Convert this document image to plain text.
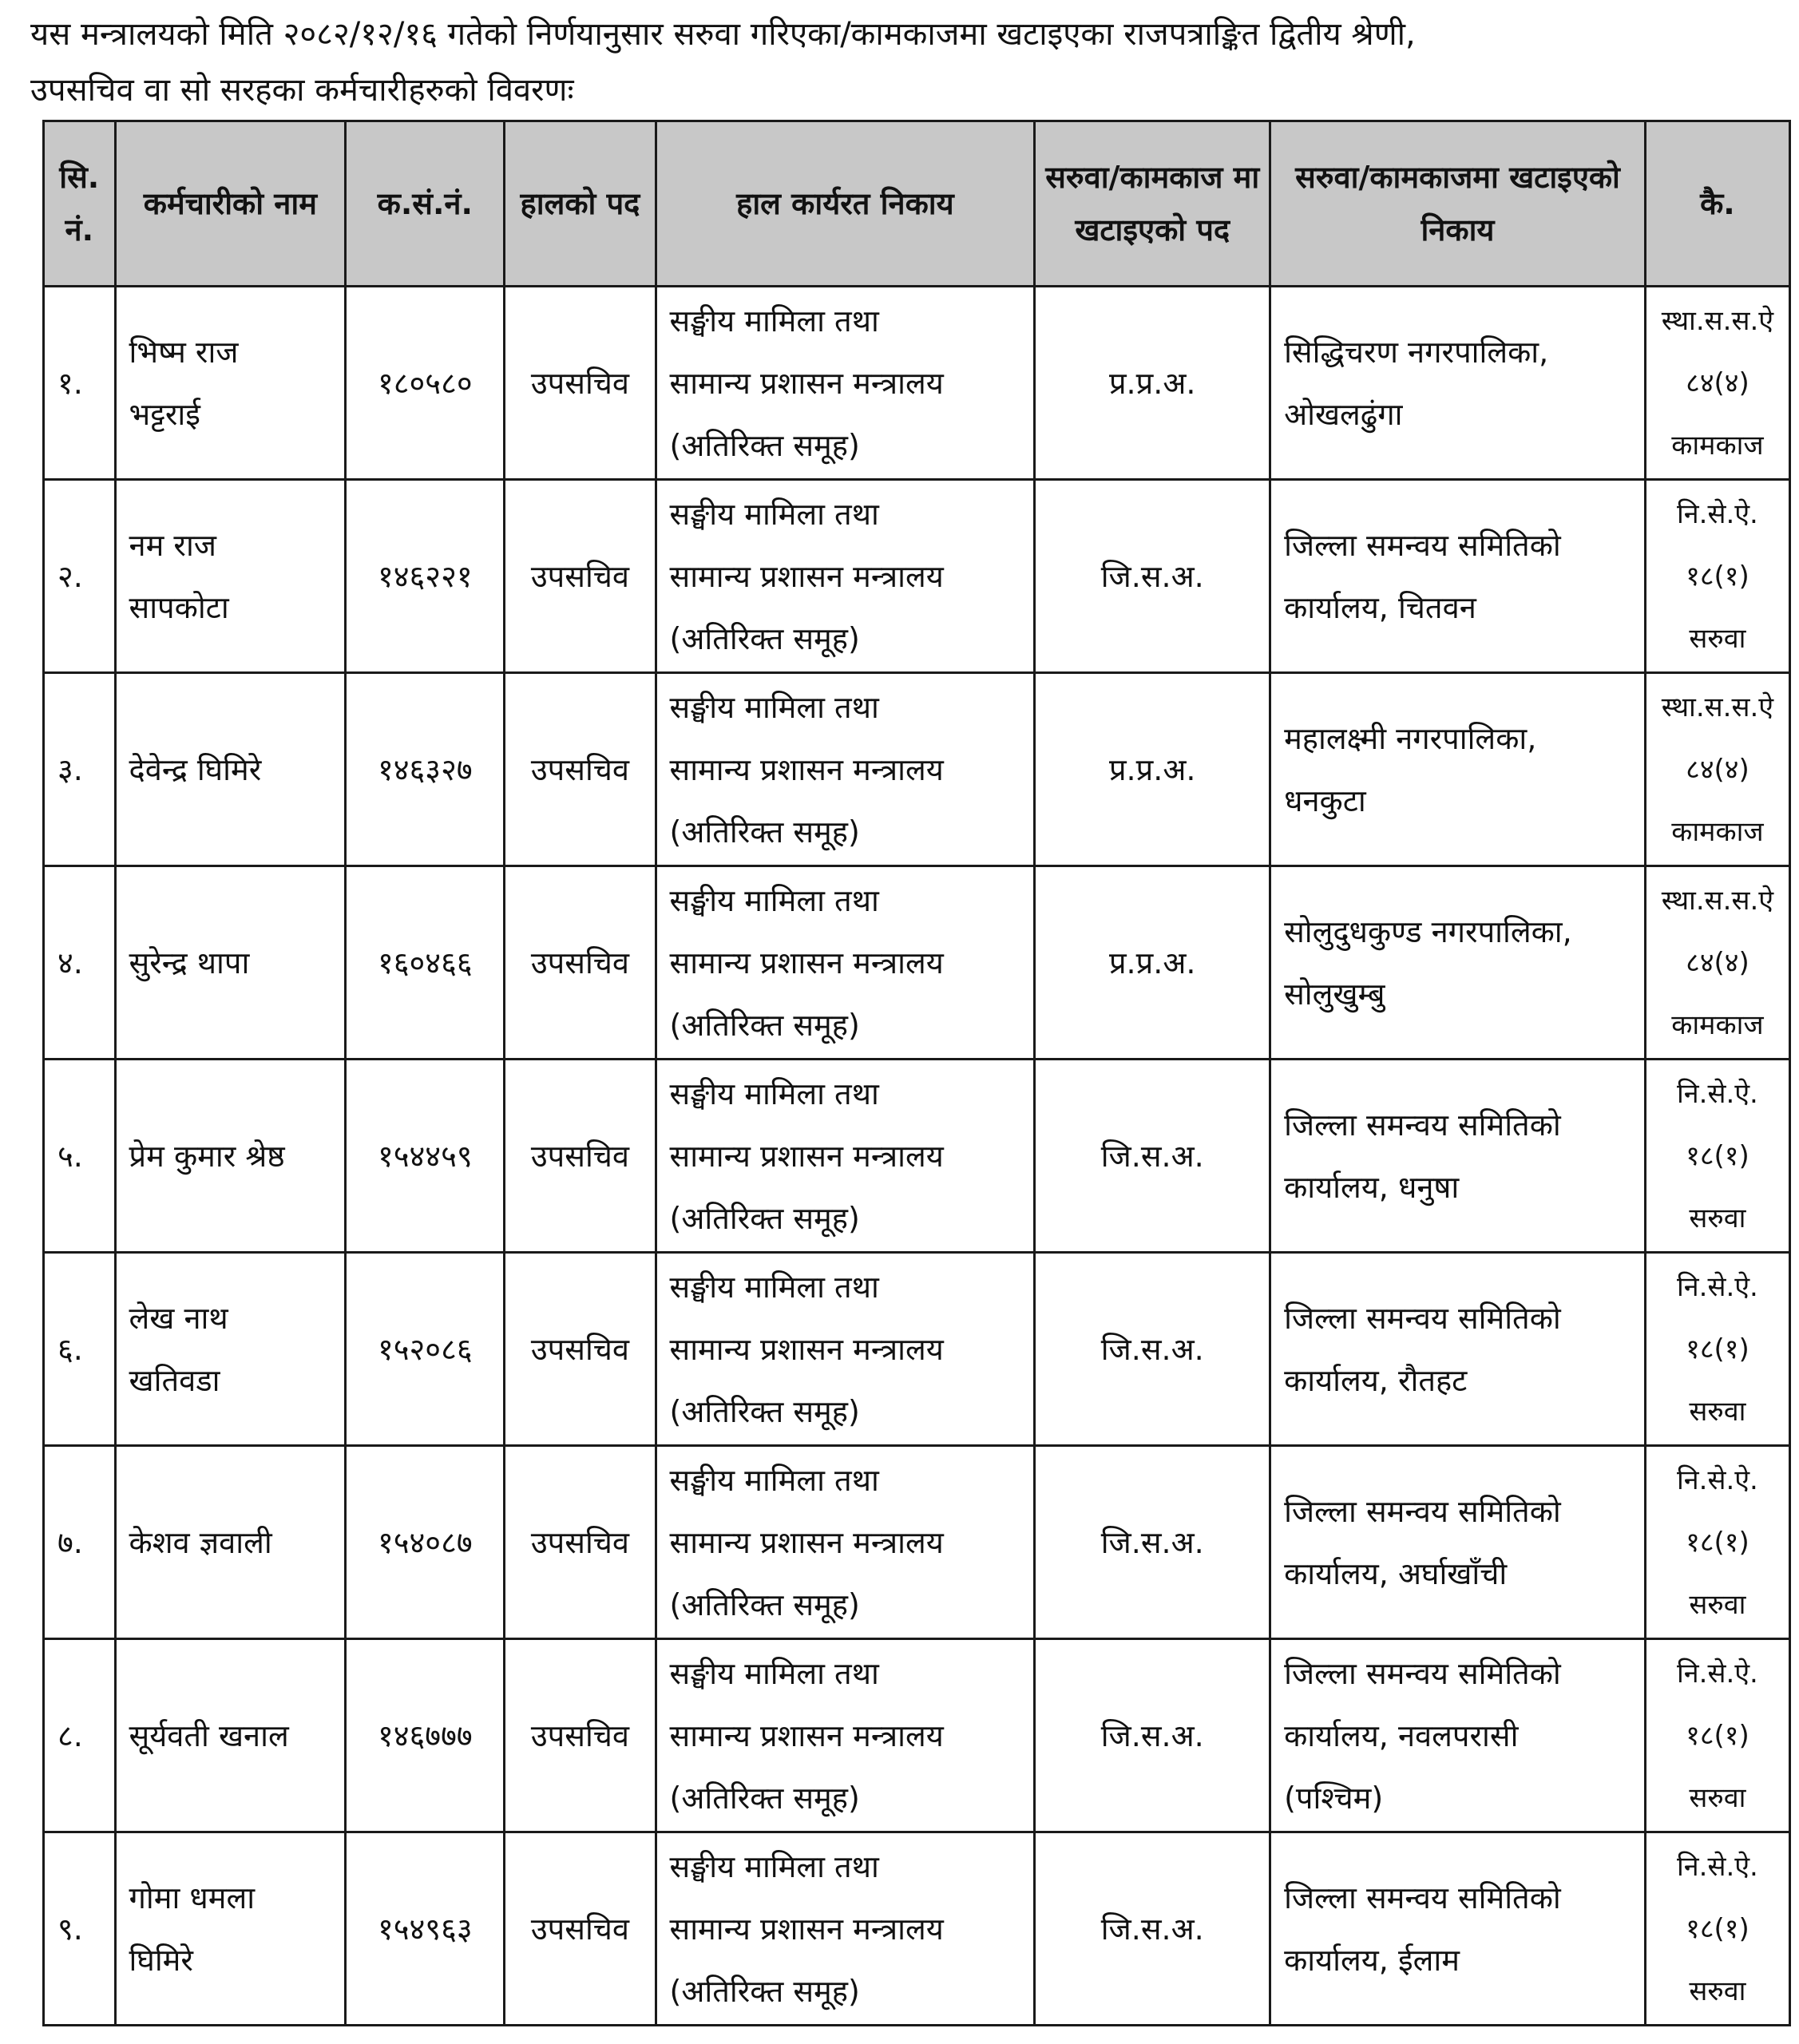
यस मन्त्रालयको मिति २०८२/१२/१६ गतेको निर्णयानुसार सरुवा गरिएका/कामकाजमा खटाइएका राजपत्राङ्कित द्वितीय श्रेणी,
उपसचिव वा सो सरहका कर्मचारीहरुको विवरणः

सि. नं.	कर्मचारीको नाम	क.सं.नं.	हालको पद	हाल कार्यरत निकाय	सरुवा/कामकाज मा खटाइएको पद	सरुवा/कामकाजमा खटाइएको निकाय	कै.
१.	भिष्म राज
भट्टराई	१८०५८०	उपसचिव	सङ्घीय मामिला तथा
सामान्य प्रशासन मन्त्रालय
(अतिरिक्त समूह)	प्र.प्र.अ.	सिद्धिचरण नगरपालिका,
ओखलढुंगा	स्था.स.स.ऐ
८४(४)
कामकाज

२.	नम राज
सापकोटा	१४६२२१	उपसचिव	सङ्घीय मामिला तथा
सामान्य प्रशासन मन्त्रालय
(अतिरिक्त समूह)	जि.स.अ.	जिल्ला समन्वय समितिको
कार्यालय, चितवन	नि.से.ऐ.
१८(१)
सरुवा

३.	देवेन्द्र घिमिरे	१४६३२७	उपसचिव	सङ्घीय मामिला तथा
सामान्य प्रशासन मन्त्रालय
(अतिरिक्त समूह)	प्र.प्र.अ.	महालक्ष्मी नगरपालिका,
धनकुटा	स्था.स.स.ऐ
८४(४)
कामकाज

४.	सुरेन्द्र थापा	१६०४६६	उपसचिव	सङ्घीय मामिला तथा
सामान्य प्रशासन मन्त्रालय
(अतिरिक्त समूह)	प्र.प्र.अ.	सोलुदुधकुण्ड नगरपालिका,
सोलुखुम्बु	स्था.स.स.ऐ
८४(४)
कामकाज

५.	प्रेम कुमार श्रेष्ठ	१५४४५९	उपसचिव	सङ्घीय मामिला तथा
सामान्य प्रशासन मन्त्रालय
(अतिरिक्त समूह)	जि.स.अ.	जिल्ला समन्वय समितिको
कार्यालय, धनुषा	नि.से.ऐ.
१८(१)
सरुवा

६.	लेख नाथ
खतिवडा	१५२०८६	उपसचिव	सङ्घीय मामिला तथा
सामान्य प्रशासन मन्त्रालय
(अतिरिक्त समूह)	जि.स.अ.	जिल्ला समन्वय समितिको
कार्यालय, रौतहट	नि.से.ऐ.
१८(१)
सरुवा

७.	केशव ज्ञवाली	१५४०८७	उपसचिव	सङ्घीय मामिला तथा
सामान्य प्रशासन मन्त्रालय
(अतिरिक्त समूह)	जि.स.अ.	जिल्ला समन्वय समितिको
कार्यालय, अर्घाखाँची	नि.से.ऐ.
१८(१)
सरुवा

८.	सूर्यवती खनाल	१४६७७७	उपसचिव	सङ्घीय मामिला तथा
सामान्य प्रशासन मन्त्रालय
(अतिरिक्त समूह)	जि.स.अ.	जिल्ला समन्वय समितिको
कार्यालय, नवलपरासी
(पश्चिम)	नि.से.ऐ.
१८(१)
सरुवा

९.	गोमा धमला
घिमिरे	१५४९६३	उपसचिव	सङ्घीय मामिला तथा
सामान्य प्रशासन मन्त्रालय
(अतिरिक्त समूह)	जि.स.अ.	जिल्ला समन्वय समितिको
कार्यालय, ईलाम	नि.से.ऐ.
१८(१)
सरुवा
